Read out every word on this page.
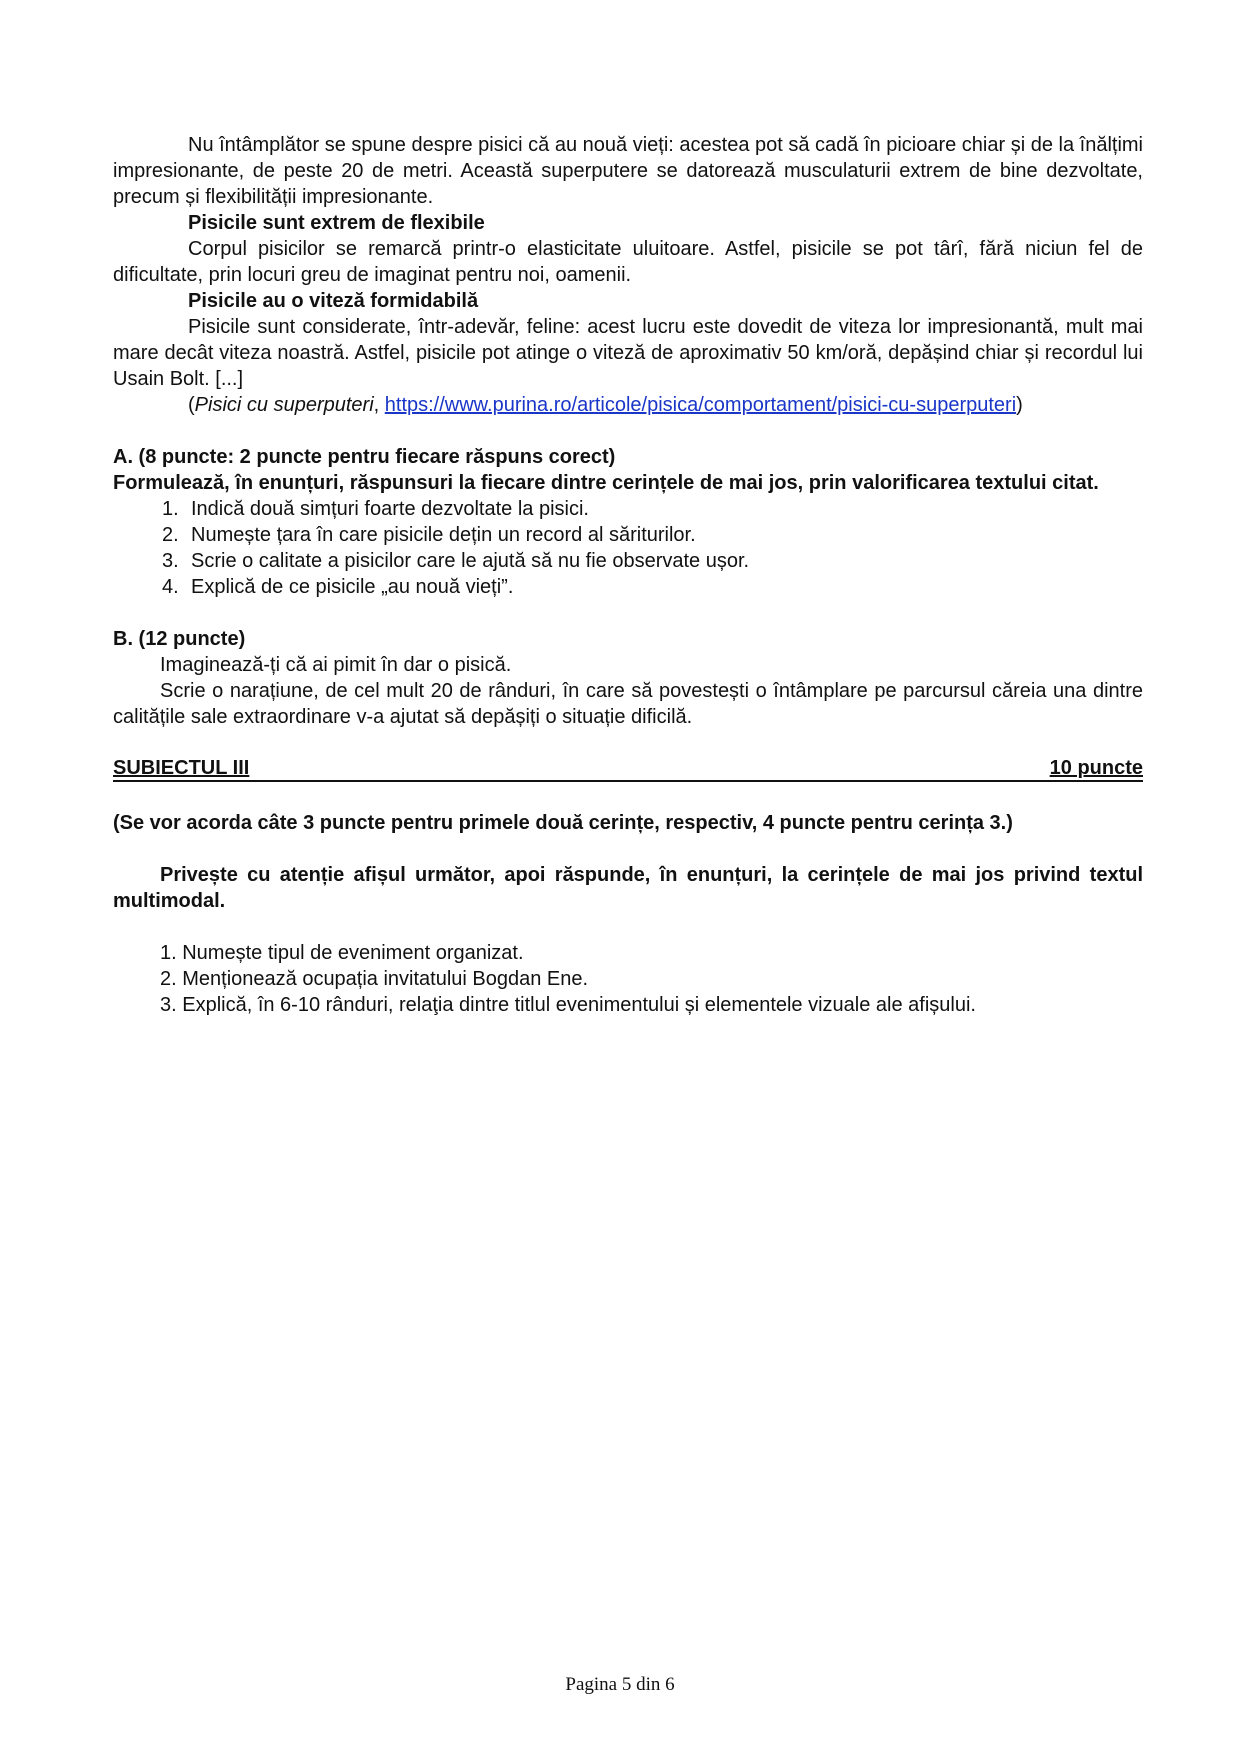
Nu întâmplător se spune despre pisici că au nouă vieți: acestea pot să cadă în picioare chiar și de la înălțimi impresionante, de peste 20 de metri. Această superputere se datorează musculaturii extrem de bine dezvoltate, precum și flexibilității impresionante.

Pisicile sunt extrem de flexibile

Corpul pisicilor se remarcă printr-o elasticitate uluitoare. Astfel, pisicile se pot târî, fără niciun fel de dificultate, prin locuri greu de imaginat pentru noi, oamenii.

Pisicile au o viteză formidabilă

Pisicile sunt considerate, într-adevăr, feline: acest lucru este dovedit de viteza lor impresionantă, mult mai mare decât viteza noastră. Astfel, pisicile pot atinge o viteză de aproximativ 50 km/oră, depășind chiar și recordul lui Usain Bolt. [...]

(Pisici cu superputeri, https://www.purina.ro/articole/pisica/comportament/pisici-cu-superputeri)

A. (8 puncte: 2 puncte pentru fiecare răspuns corect)

Formulează, în enunțuri, răspunsuri la fiecare dintre cerințele de mai jos, prin valorificarea textului citat.

1. Indică două simțuri foarte dezvoltate la pisici.
2. Numește țara în care pisicile dețin un record al săriturilor.
3. Scrie o calitate a pisicilor care le ajută să nu fie observate ușor.
4. Explică de ce pisicile „au nouă vieți”.

B. (12 puncte)

Imaginează-ți că ai pimit în dar o pisică.

Scrie o narațiune, de cel mult 20 de rânduri, în care să povestești o întâmplare pe parcursul căreia una dintre calitățile sale extraordinare v-a ajutat să depășiți o situație dificilă.

SUBIECTUL III	10 puncte

(Se vor acorda câte 3 puncte pentru primele două cerințe, respectiv, 4 puncte pentru cerința 3.)

Privește cu atenție afișul următor, apoi răspunde, în enunțuri, la cerințele de mai jos privind textul multimodal.

1. Numește tipul de eveniment organizat.

2. Menționează ocupația invitatului Bogdan Ene.

3. Explică, în 6-10 rânduri, relaţia dintre titlul evenimentului și elementele vizuale ale afișului.

Pagina 5 din 6
